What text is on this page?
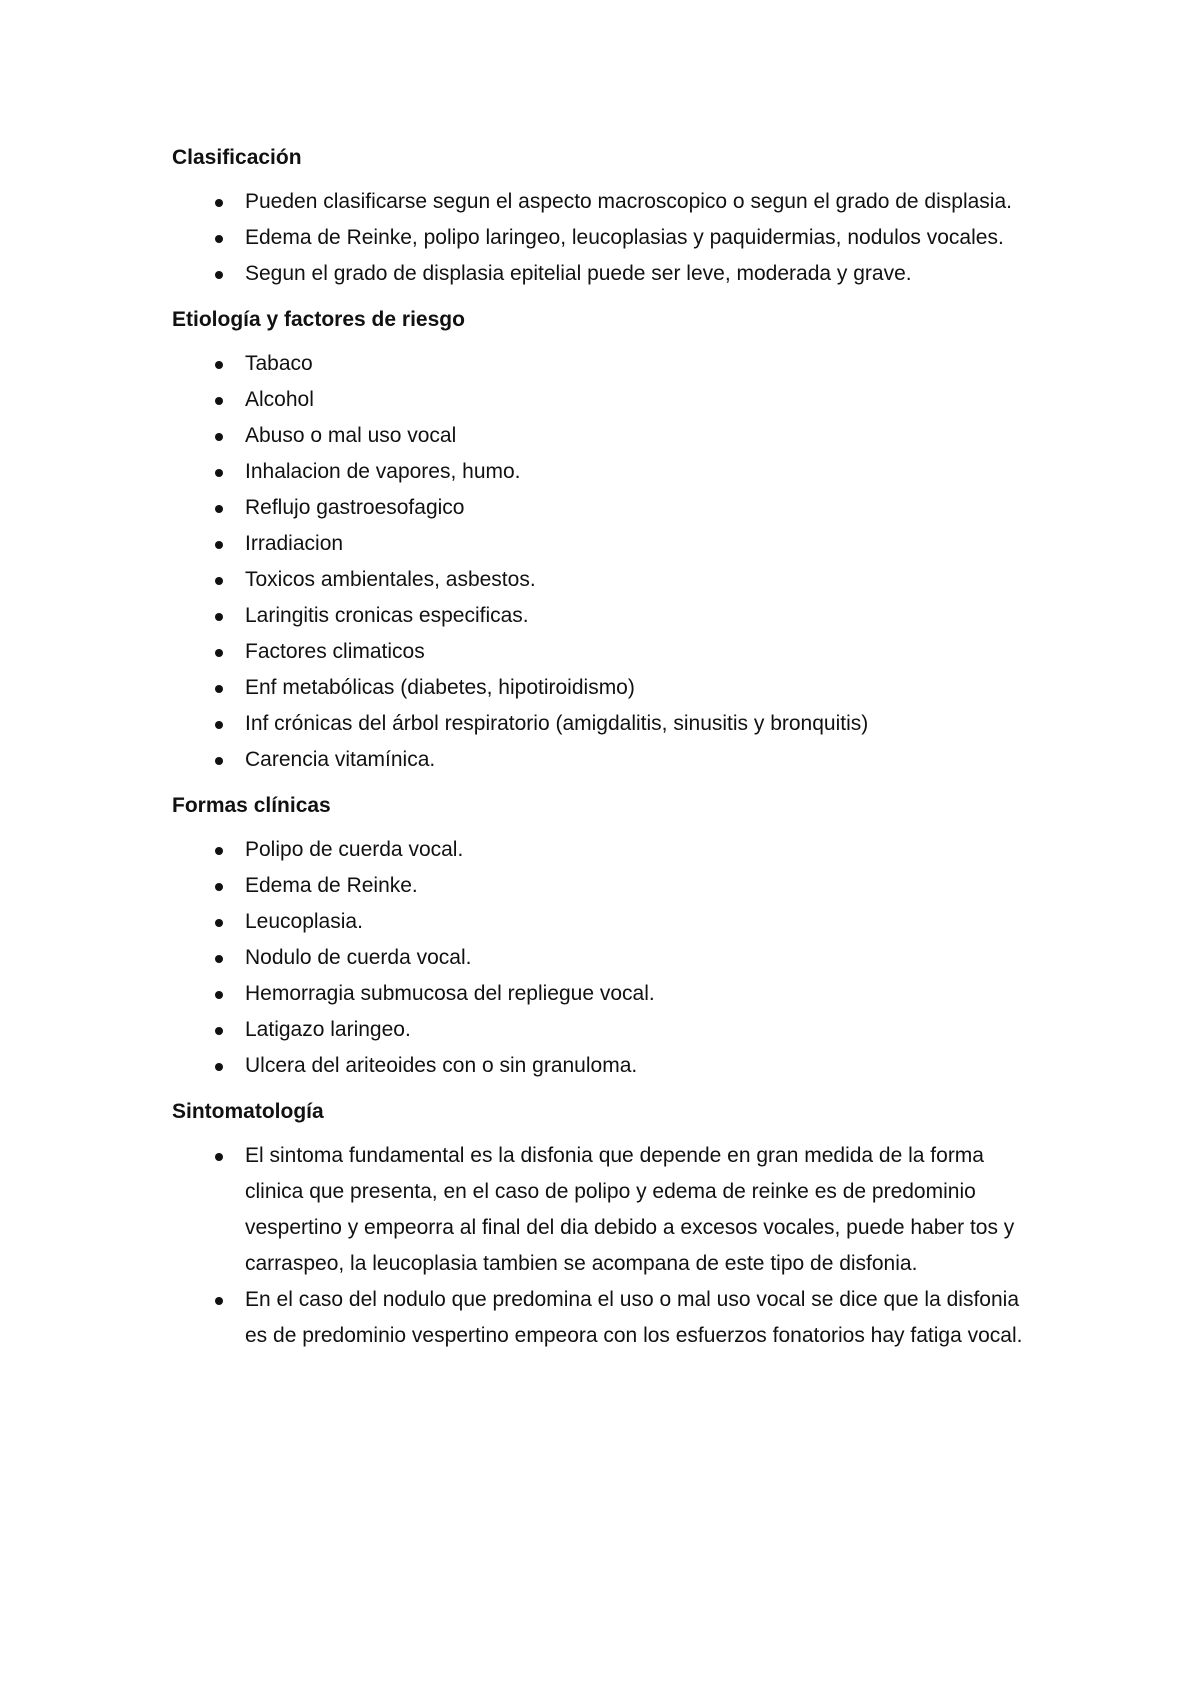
Clasificación
Pueden clasificarse segun el aspecto macroscopico o segun el grado de displasia.
Edema de Reinke, polipo laringeo, leucoplasias y paquidermias, nodulos vocales.
Segun el grado de displasia epitelial puede ser leve, moderada y grave.
Etiología y factores de riesgo
Tabaco
Alcohol
Abuso o mal uso vocal
Inhalacion de vapores, humo.
Reflujo gastroesofagico
Irradiacion
Toxicos ambientales, asbestos.
Laringitis cronicas especificas.
Factores climaticos
Enf metabólicas (diabetes, hipotiroidismo)
Inf crónicas del árbol respiratorio (amigdalitis, sinusitis y bronquitis)
Carencia vitamínica.
Formas clínicas
Polipo de cuerda vocal.
Edema de Reinke.
Leucoplasia.
Nodulo de cuerda vocal.
Hemorragia submucosa del repliegue vocal.
Latigazo laringeo.
Ulcera del ariteoides con o sin granuloma.
Sintomatología
El sintoma fundamental es la disfonia que depende en gran medida de la forma clinica que presenta, en el caso de polipo y edema de reinke es de predominio vespertino y empeorra al final del dia debido a excesos vocales, puede haber tos y carraspeo, la leucoplasia tambien se acompana de este tipo de disfonia.
En el caso del nodulo que predomina el uso o mal uso vocal se dice que la disfonia es de predominio vespertino empeora con los esfuerzos fonatorios hay fatiga vocal.
